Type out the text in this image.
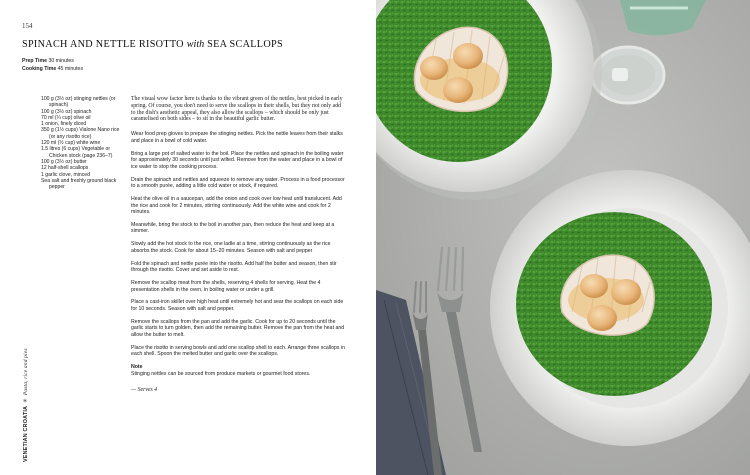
154
SPINACH AND NETTLE RISOTTO with SEA SCALLOPS
Prep Time 30 minutes
Cooking Time 45 minutes

100 g (3½ oz) stinging nettles (or spinach)

100 g (3½ oz) spinach

70 ml (¼ cup) olive oil

1 onion, finely diced

350 g (1½ cups) Vialone Nano rice (or any risotto rice)

120 ml (½ cup) white wine

1.5 litres (6 cups) Vegetable or Chicken stock (page 236–7)

100 g (3½ oz) butter

12 half-shell scallops

1 garlic clove, minced

Sea salt and freshly ground black pepper

The visual wow factor here is thanks to the vibrant green of the nettles, best picked in early spring. Of course, you don't need to serve the scallops in their shells, but they not only add to the dish's aesthetic appeal, they also allow the scallops – which should be only just caramelised on both sides – to sit in the beautiful garlic butter.

Wear food prep gloves to prepare the stinging nettles. Pick the nettle leaves from their stalks and place in a bowl of cold water.

Bring a large pot of salted water to the boil. Place the nettles and spinach in the boiling water for approximately 30 seconds until just wilted. Remove from the water and place in a bowl of ice water to stop the cooking process.

Drain the spinach and nettles and squeeze to remove any water. Process in a food processor to a smooth purée, adding a little cold water or stock, if required.

Heat the olive oil in a saucepan, add the onion and cook over low heat until translucent. Add the rice and cook for 2 minutes, stirring continuously. Add the white wine and cook for 2 minutes.

Meanwhile, bring the stock to the boil in another pan, then reduce the heat and keep at a simmer.

Slowly add the hot stock to the rice, one ladle at a time, stirring continuously as the rice absorbs the stock. Cook for about 15–20 minutes. Season with salt and pepper

Fold the spinach and nettle purée into the risotto. Add half the butter and season, then stir through the risotto. Cover and set aside to rest.

Remove the scallop meat from the shells, reserving 4 shells for serving. Heat the 4 presentation shells in the oven, in boiling water or under a grill.

Place a cast-iron skillet over high heat until extremely hot and sear the scallops on each side for 10 seconds. Season with salt and pepper.

Remove the scallops from the pan and add the garlic. Cook for up to 20 seconds until the garlic starts to turn golden, then add the remaining butter. Remove the pan from the heat and allow the butter to melt.

Place the risotto in serving bowls and add one scallop shell to each. Arrange three scallops in each shell. Spoon the melted butter and garlic over the scallops.

Note

Stinging nettles can be sourced from produce markets or gourmet food stores.

— Serves 4
VENETIAN CROATIA✳Pasta, rice and pies
